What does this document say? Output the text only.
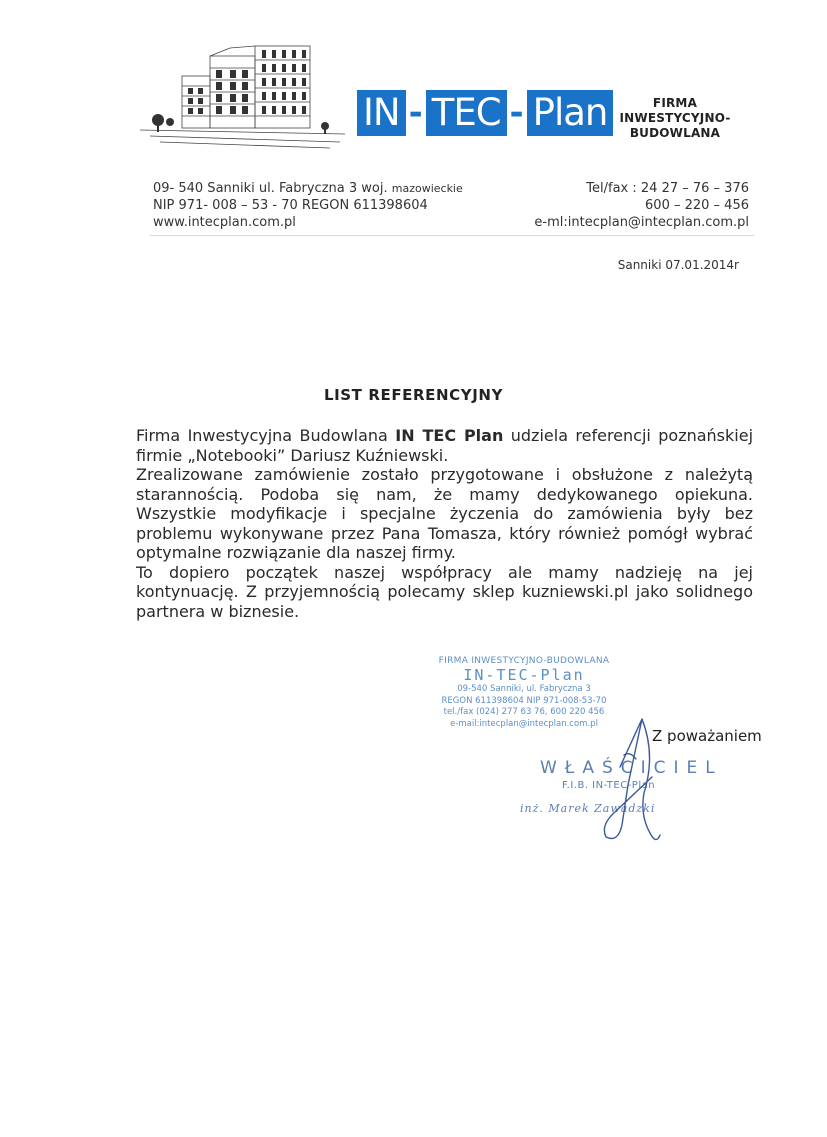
IN - TEC - Plan	FIRMA INWESTYCYJNO-
BUDOWLANA
09- 540 Sanniki ul. Fabryczna 3 woj. mazowieckie
NIP 971- 008 – 53 - 70 REGON 611398604
www.intecplan.com.pl
Tel/fax : 24 27 – 76 – 376
600 – 220 – 456
e-ml:intecplan@intecplan.com.pl
Sanniki 07.01.2014r
LIST REFERENCYJNY

Firma Inwestycyjna Budowlana IN TEC Plan udziela referencji poznańskiej firmie „Notebooki” Dariusz Kuźniewski.

Zrealizowane zamówienie zostało przygotowane i obsłużone z należytą starannością. Podoba się nam, że mamy dedykowanego opiekuna. Wszystkie modyfikacje i specjalne życzenia do zamówienia były bez problemu wykonywane przez Pana Tomasza, który również pomógł wybrać optymalne rozwiązanie dla naszej firmy.

To dopiero początek naszej współpracy ale mamy nadzieję na jej kontynuację. Z przyjemnością polecamy sklep kuzniewski.pl jako solidnego partnera w biznesie.

FIRMA INWESTYCYJNO-BUDOWLANA
IN-TEC-Plan
09-540 Sanniki, ul. Fabryczna 3
REGON 611398604 NIP 971-008-53-70
tel./fax (024) 277 63 76, 600 220 456
e-mail:intecplan@intecplan.com.pl
Z poważaniem
WŁAŚCICIEL
F.I.B. IN-TEC-Plan
inż. Marek Zawadzki
